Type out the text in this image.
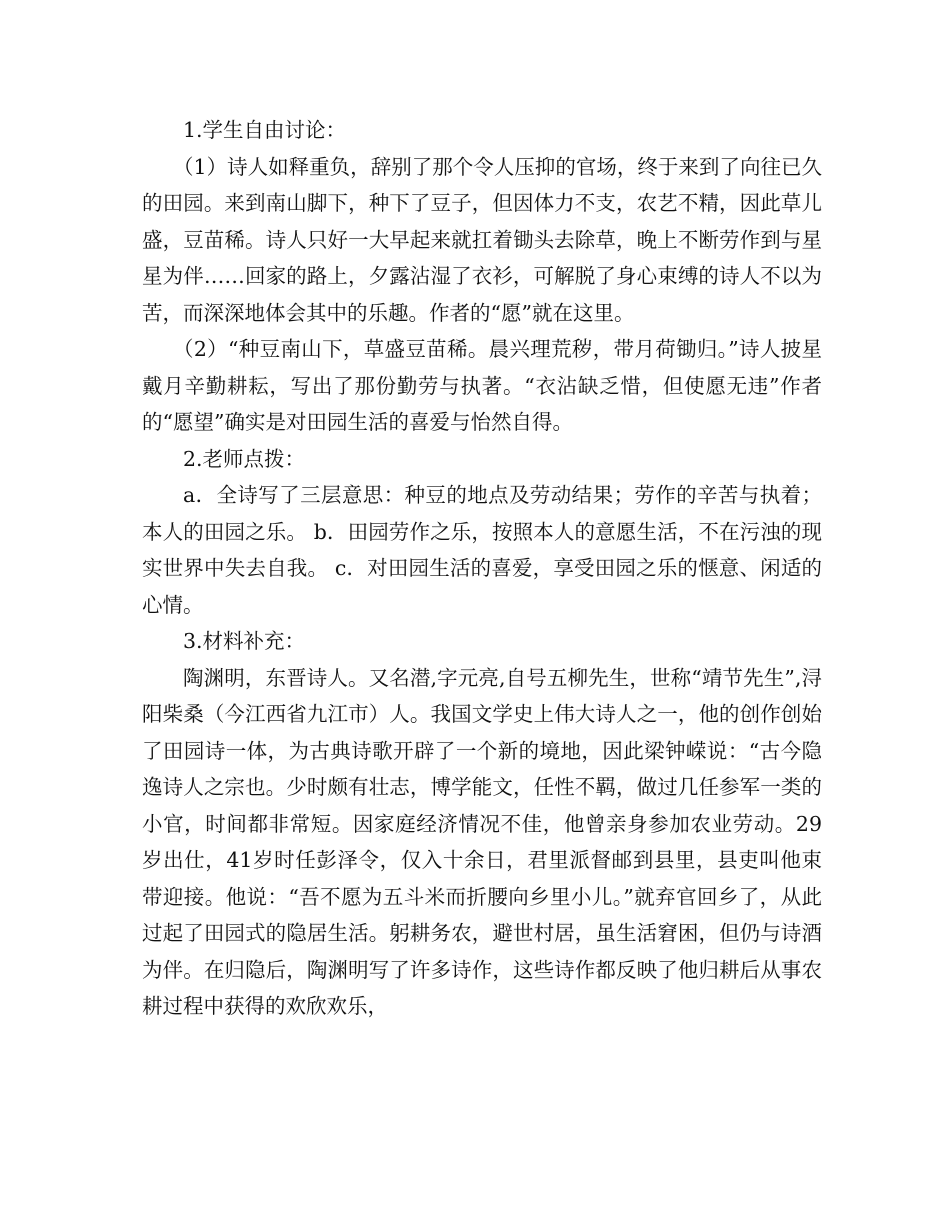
1.学生自由讨论：

（1）诗人如释重负，辞别了那个令人压抑的官场，终于来到了向往已久的田园。来到南山脚下，种下了豆子，但因体力不支，农艺不精，因此草儿盛，豆苗稀。诗人只好一大早起来就扛着锄头去除草，晚上不断劳作到与星星为伴……回家的路上，夕露沾湿了衣衫，可解脱了身心束缚的诗人不以为苦，而深深地体会其中的乐趣。作者的“愿”就在这里。

（2）“种豆南山下，草盛豆苗稀。晨兴理荒秽，带月荷锄归。”诗人披星戴月辛勤耕耘，写出了那份勤劳与执著。“衣沾缺乏惜，但使愿无违”作者的“愿望”确实是对田园生活的喜爱与怡然自得。

2.老师点拨：

a．全诗写了三层意思：种豆的地点及劳动结果；劳作的辛苦与执着；本人的田园之乐。 b．田园劳作之乐，按照本人的意愿生活，不在污浊的现实世界中失去自我。 c．对田园生活的喜爱，享受田园之乐的惬意、闲适的心情。

3.材料补充：

陶渊明，东晋诗人。又名潜,字元亮,自号五柳先生，世称“靖节先生”,浔阳柴桑（今江西省九江市）人。我国文学史上伟大诗人之一，他的创作创始了田园诗一体，为古典诗歌开辟了一个新的境地，因此梁钟嵘说：“古今隐逸诗人之宗也。少时颇有壮志，博学能文，任性不羁，做过几任参军一类的小官，时间都非常短。因家庭经济情况不佳，他曾亲身参加农业劳动。29岁出仕，41岁时任彭泽令，仅入十余日，君里派督邮到县里，县吏叫他束带迎接。他说：“吾不愿为五斗米而折腰向乡里小儿。”就弃官回乡了，从此过起了田园式的隐居生活。躬耕务农，避世村居，虽生活窘困，但仍与诗酒为伴。在归隐后，陶渊明写了许多诗作，这些诗作都反映了他归耕后从事农耕过程中获得的欢欣欢乐，
